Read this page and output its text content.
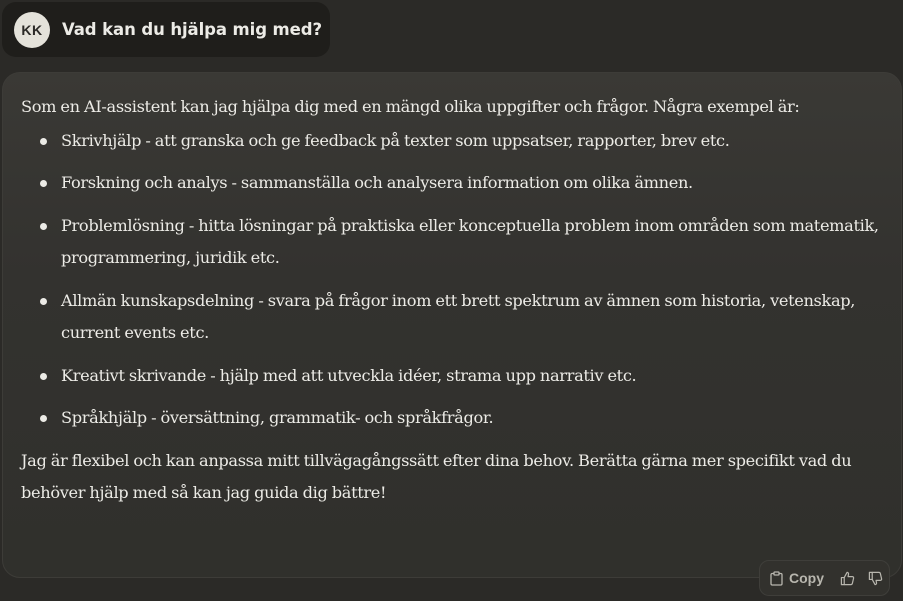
KK	Vad kan du hjälpa mig med?

Som en AI-assistent kan jag hjälpa dig med en mängd olika uppgifter och frågor. Några exempel är:

Skrivhjälp - att granska och ge feedback på texter som uppsatser, rapporter, brev etc.
Forskning och analys - sammanställa och analysera information om olika ämnen.
Problemlösning - hitta lösningar på praktiska eller konceptuella problem inom områden som matematik, programmering, juridik etc.
Allmän kunskapsdelning - svara på frågor inom ett brett spektrum av ämnen som historia, vetenskap, current events etc.
Kreativt skrivande - hjälp med att utveckla idéer, strama upp narrativ etc.
Språkhjälp - översättning, grammatik- och språkfrågor.

Jag är flexibel och kan anpassa mitt tillvägagångssätt efter dina behov. Berätta gärna mer specifikt vad du behöver hjälp med så kan jag guida dig bättre!

Copy
